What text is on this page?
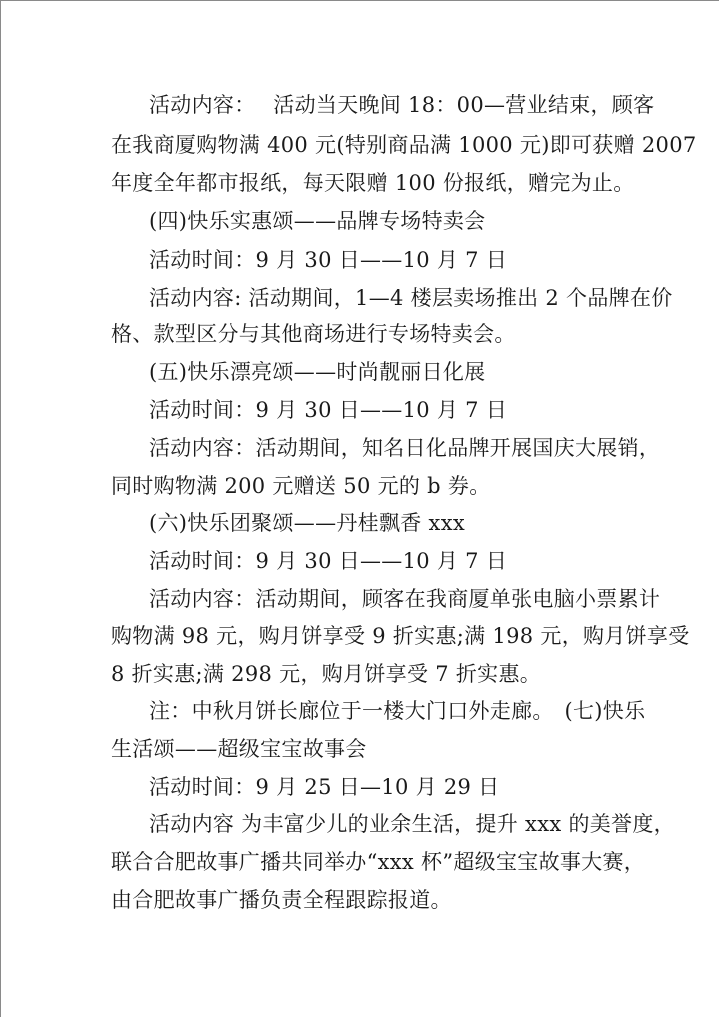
活动内容：　 活动当天晚间 18：00—营业结束，顾客
在我商厦购物满 400 元(特别商品满 1000 元)即可获赠 2007
年度全年都市报纸，每天限赠 100 份报纸，赠完为止。
(四)快乐实惠颂——品牌专场特卖会
活动时间：9 月 30 日——10 月 7 日
活动内容: 活动期间，1—4 楼层卖场推出 2 个品牌在价
格、款型区分与其他商场进行专场特卖会。
(五)快乐漂亮颂——时尚靓丽日化展
活动时间：9 月 30 日——10 月 7 日
活动内容：活动期间，知名日化品牌开展国庆大展销，
同时购物满 200 元赠送 50 元的 b 券。
(六)快乐团聚颂——丹桂飘香 xxx
活动时间：9 月 30 日——10 月 7 日
活动内容：活动期间，顾客在我商厦单张电脑小票累计
购物满 98 元，购月饼享受 9 折实惠;满 198 元，购月饼享受
8 折实惠;满 298 元，购月饼享受 7 折实惠。
注：中秋月饼长廊位于一楼大门口外走廊。　(七)快乐
生活颂——超级宝宝故事会
活动时间：9 月 25 日—10 月 29 日
活动内容 为丰富少儿的业余生活，提升 xxx 的美誉度，
联合合肥故事广播共同举办“xxx 杯”超级宝宝故事大赛，
由合肥故事广播负责全程跟踪报道。
